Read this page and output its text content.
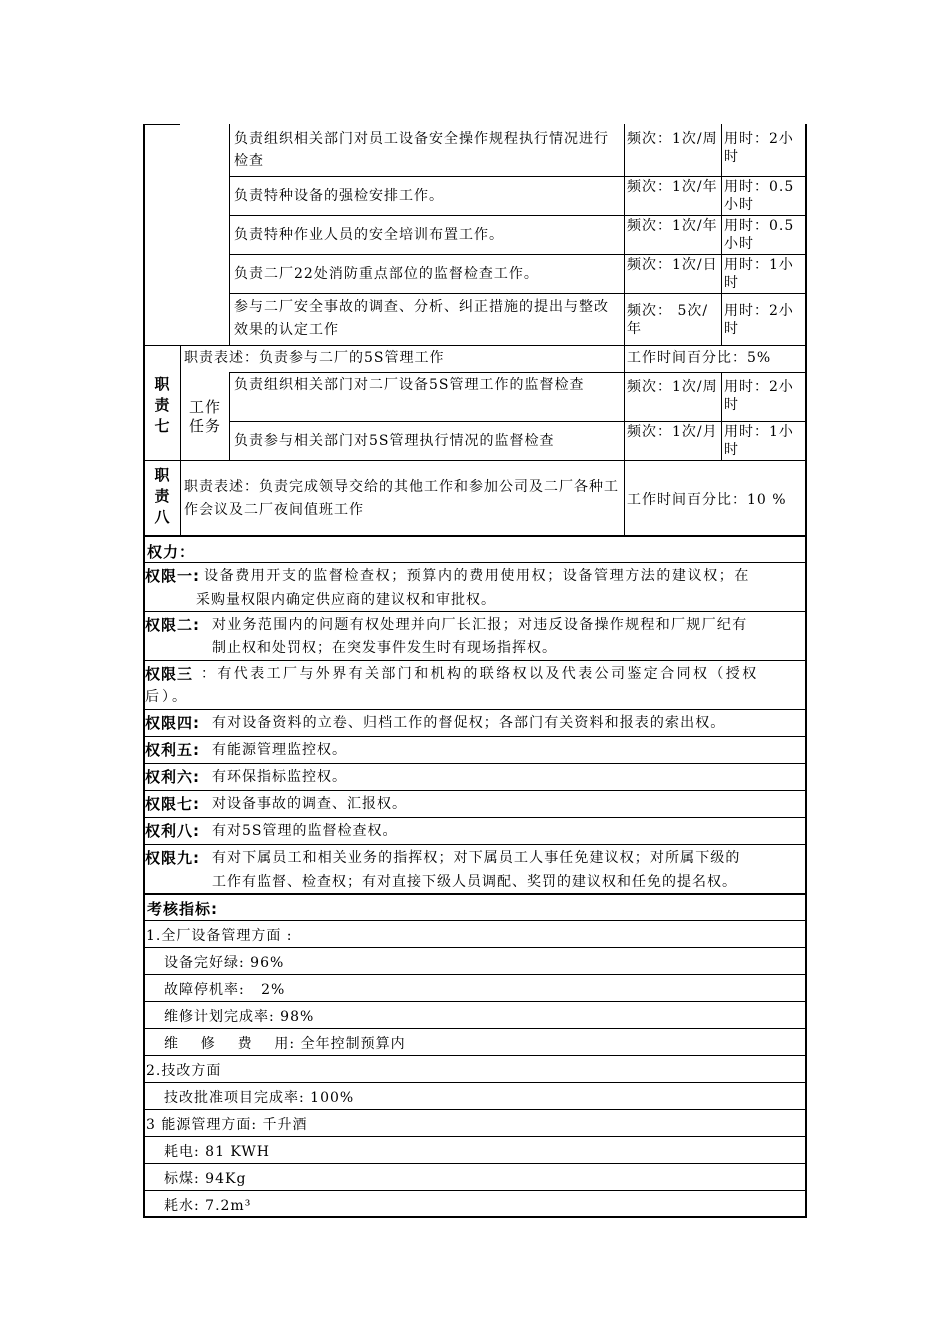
负责组织相关部门对员工设备安全操作规程执行情况进行检查
频次：1次/周 用时：2小时
负责特种设备的强检安排工作。
频次：1次/年 用时：0.5小时
负责特种作业人员的安全培训布置工作。
频次：1次/年 用时：0.5小时
负责二厂22处消防重点部位的监督检查工作。
频次：1次/日 用时：1小时
参与二厂安全事故的调查、分析、纠正措施的提出与整改效果的认定工作
频次： 5次/ 年
用时：2小时
职责七
职责表述：负责参与二厂的5S管理工作	工作时间百分比：5%
工作任务
负责组织相关部门对二厂设备5S管理工作的监督检查	频次：1次/周 用时：2小时
负责参与相关部门对5S管理执行情况的监督检查
频次：1次/月 用时：1小时
职责八
职责表述：负责完成领导交给的其他工作和参加公司及二厂各种工作会议及二厂夜间值班工作
工作时间百分比：10 %
权力：
权限一: 设备费用开支的监督检查权；预算内的费用使用权；设备管理方法的建议权；在
采购量权限内确定供应商的建议权和审批权。
权限二: 对业务范围内的问题有权处理并向厂长汇报；对违反设备操作规程和厂规厂纪有
制止权和处罚权；在突发事件发生时有现场指挥权。
权限三 ：有代表工厂与外界有关部门和机构的联络权以及代表公司鉴定合同权（授权
后）。
权限四: 有对设备资料的立卷、归档工作的督促权；各部门有关资料和报表的索出权。
权利五: 有能源管理监控权。
权利六: 有环保指标监控权。
权限七: 对设备事故的调查、汇报权。
权利八: 有对5S管理的监督检查权。
权限九: 有对下属员工和相关业务的指挥权；对下属员工人事任免建议权；对所属下级的
工作有监督、检查权；有对直接下级人员调配、奖罚的建议权和任免的提名权。
考核指标:
1.全厂设备管理方面 :
设备完好绿: 96%
故障停机率:   2%
维修计划完成率: 98%
维    修    费    用: 全年控制预算内
2.技改方面
技改批准项目完成率: 100%
3 能源管理方面: 千升酒
耗电: 81 KWH
标煤: 94Kg
耗水: 7.2m³
